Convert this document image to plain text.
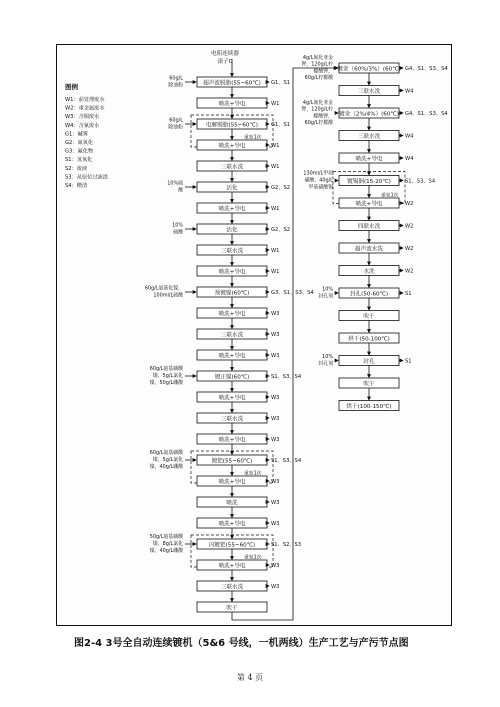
图例
W1：前处理废水
W2：重金属废水
W3：含铜废水
W4：含氰废水
G1：碱雾
G2：氮氧化
G3：氟化物
S1：氢氧化
S2：废液
S3：从原位过滤渣
S4：槽渣
电阻连续器
滚子C
超声波脱脂(55~60℃) G1、S1
喷洗+导电	W1
电解脱脂(55~60℃)	G1、S1
重复1次
喷洗+导电	W1
三联水洗	W1
活化	G2、S2
喷洗+导电	W1
活化	G2、S2
三联水洗	W1
喷洗+导电	W1
预镀镍(60℃)	G3、S1、S3、S4
喷洗+导电	W3
三联水洗	W3
喷洗+导电	W3
镀正镍(60℃)	S1、S3、S4
喷洗+导电	W3
三联水洗	W3
喷洗+导电	W3
镀钯(55~60℃)	S1、S3、S4
重复1次
喷洗+导电	W3
喷洗	W3
喷洗+导电	W3
闪镀钯(55~60℃)	S1、S2、S3
重复1次
喷洗+导电	W3
三联水洗	W3
吹干
60g/L
除油粉
60g/L
除油粉
10%硫
酸
10%
硫酸
60g/L氨基化镍，
100ml/L硫酸
60g/L氨基磺酸
镍，5g/L氯化
镍，50g/L硼酸
60g/L氨基磺酸
镍，5g/L氯化
镍，40g/L硼酸
50g/L氨基磺酸
镍，8g/L氯化
镍，40g/L硼酸
镀金（60%/3%）(60℃) G4、S1、S3、S4
三联水洗	W4
镀金（2%/4%）(60℃) G4、S1、S3、S4
三联水洗	W4
喷洗+导电	W4
镀锡铜(15-20℃)	S1、S3、S4
重复1次
喷洗+导电	W2
四联水洗	W2
超声波水洗	W2
水洗	W2
封孔(50-60℃)	S1
吹干
烘干(50-100℃)
封孔	S1
吹干
烘干(100-150℃)
4g/L氰化亚金
钾，120g/L柠
檬酸钾，
60g/L柠檬酸
4g/L氰化亚金
钾，120g/L柠
檬酸钾，
60g/L柠檬酸
130ml/L甲烷
磺酸，40g/L
甲基磺酸锡
10%
封孔剂
10%
封孔剂
图2-4 3号全自动连续镀机（5&6 号线，一机两线）生产工艺与产污节点图
第 4 页
